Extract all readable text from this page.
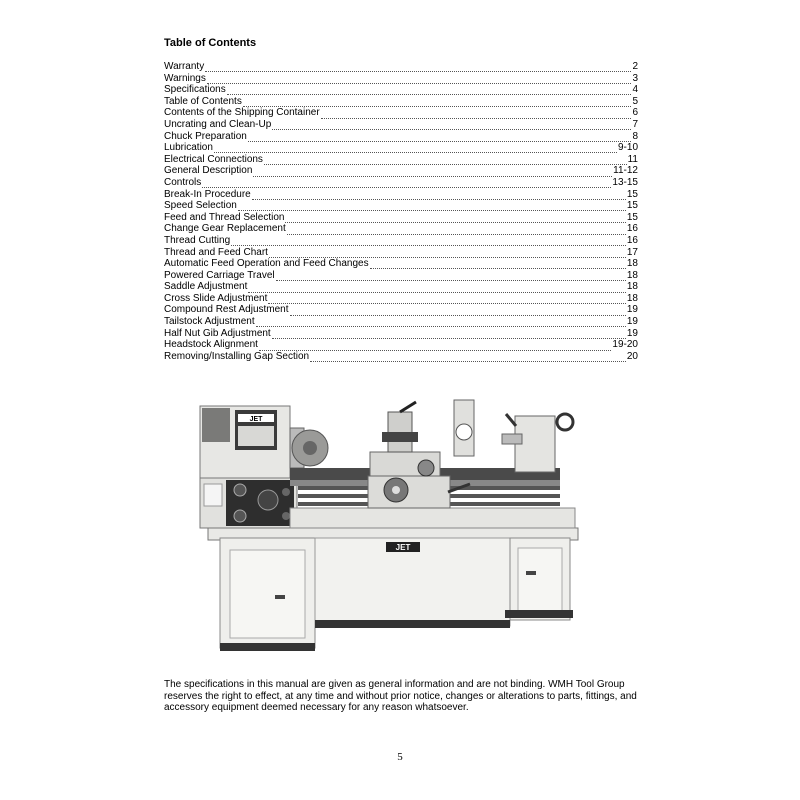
Table of Contents
Warranty	2
Warnings	3
Specifications	4
Table of Contents	5
Contents of the Shipping Container	6
Uncrating and Clean-Up	7
Chuck Preparation	8
Lubrication	9-10
Electrical Connections	11
General Description	11-12
Controls	13-15
Break-In Procedure	15
Speed Selection	15
Feed and Thread Selection	15
Change Gear Replacement	16
Thread Cutting	16
Thread and Feed Chart	17
Automatic Feed Operation and Feed Changes	18
Powered Carriage Travel	18
Saddle Adjustment	18
Cross Slide Adjustment	18
Compound Rest Adjustment	19
Tailstock Adjustment	19
Half Nut Gib Adjustment	19
Headstock Alignment	19-20
Removing/Installing Gap Section	20
JET
JET

The specifications in this manual are given as general information and are not binding. WMH Tool Group reserves the right to effect, at any time and without prior notice, changes or alterations to parts, fittings, and accessory equipment deemed necessary for any reason whatsoever.

5
